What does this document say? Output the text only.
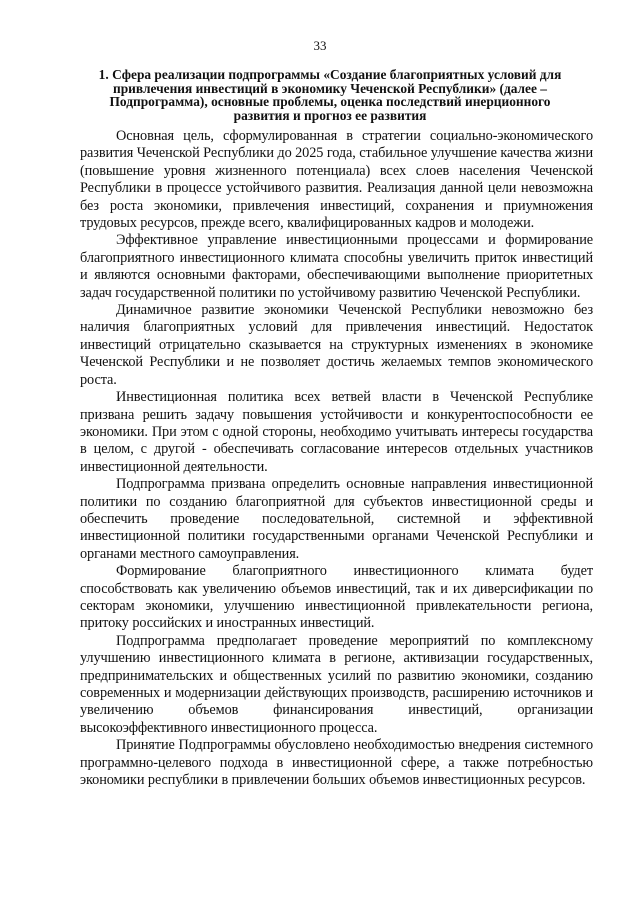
33
1. Сфера реализации подпрограммы «Создание благоприятных условий для привлечения инвестиций в экономику Чеченской Республики» (далее – Подпрограмма), основные проблемы, оценка последствий инерционного развития и прогноз ее развития

Основная цель, сформулированная в стратегии социально-экономического развития Чеченской Республики до 2025 года, стабильное улучшение качества жизни (повышение уровня жизненного потенциала) всех слоев населения Чеченской Республики в процессе устойчивого развития. Реализация данной цели невозможна без роста экономики, привлечения инвестиций, сохранения и приумножения трудовых ресурсов, прежде всего, квалифицированных кадров и молодежи.

Эффективное управление инвестиционными процессами и формирование благоприятного инвестиционного климата способны увеличить приток инвестиций и являются основными факторами, обеспечивающими выполнение приоритетных задач государственной политики по устойчивому развитию Чеченской Республики.

Динамичное развитие экономики Чеченской Республики невозможно без наличия благоприятных условий для привлечения инвестиций. Недостаток инвестиций отрицательно сказывается на структурных изменениях в экономике Чеченской Республики и не позволяет достичь желаемых темпов экономического роста.

Инвестиционная политика всех ветвей власти в Чеченской Республике призвана решить задачу повышения устойчивости и конкурентоспособности ее экономики. При этом с одной стороны, необходимо учитывать интересы государства в целом, с другой - обеспечивать согласование интересов отдельных участников инвестиционной деятельности.

Подпрограмма призвана определить основные направления инвестиционной политики по созданию благоприятной для субъектов инвестиционной среды и обеспечить проведение последовательной, системной и эффективной инвестиционной политики государственными органами Чеченской Республики и органами местного самоуправления.

Формирование благоприятного инвестиционного климата будет способствовать как увеличению объемов инвестиций, так и их диверсификации по секторам экономики, улучшению инвестиционной привлекательности региона, притоку российских и иностранных инвестиций.

Подпрограмма предполагает проведение мероприятий по комплексному улучшению инвестиционного климата в регионе, активизации государственных, предпринимательских и общественных усилий по развитию экономики, созданию современных и модернизации действующих производств, расширению источников и увеличению объемов финансирования инвестиций, организации высокоэффективного инвестиционного процесса.

Принятие Подпрограммы обусловлено необходимостью внедрения системного программно-целевого подхода в инвестиционной сфере, а также потребностью экономики республики в привлечении больших объемов инвестиционных ресурсов.
